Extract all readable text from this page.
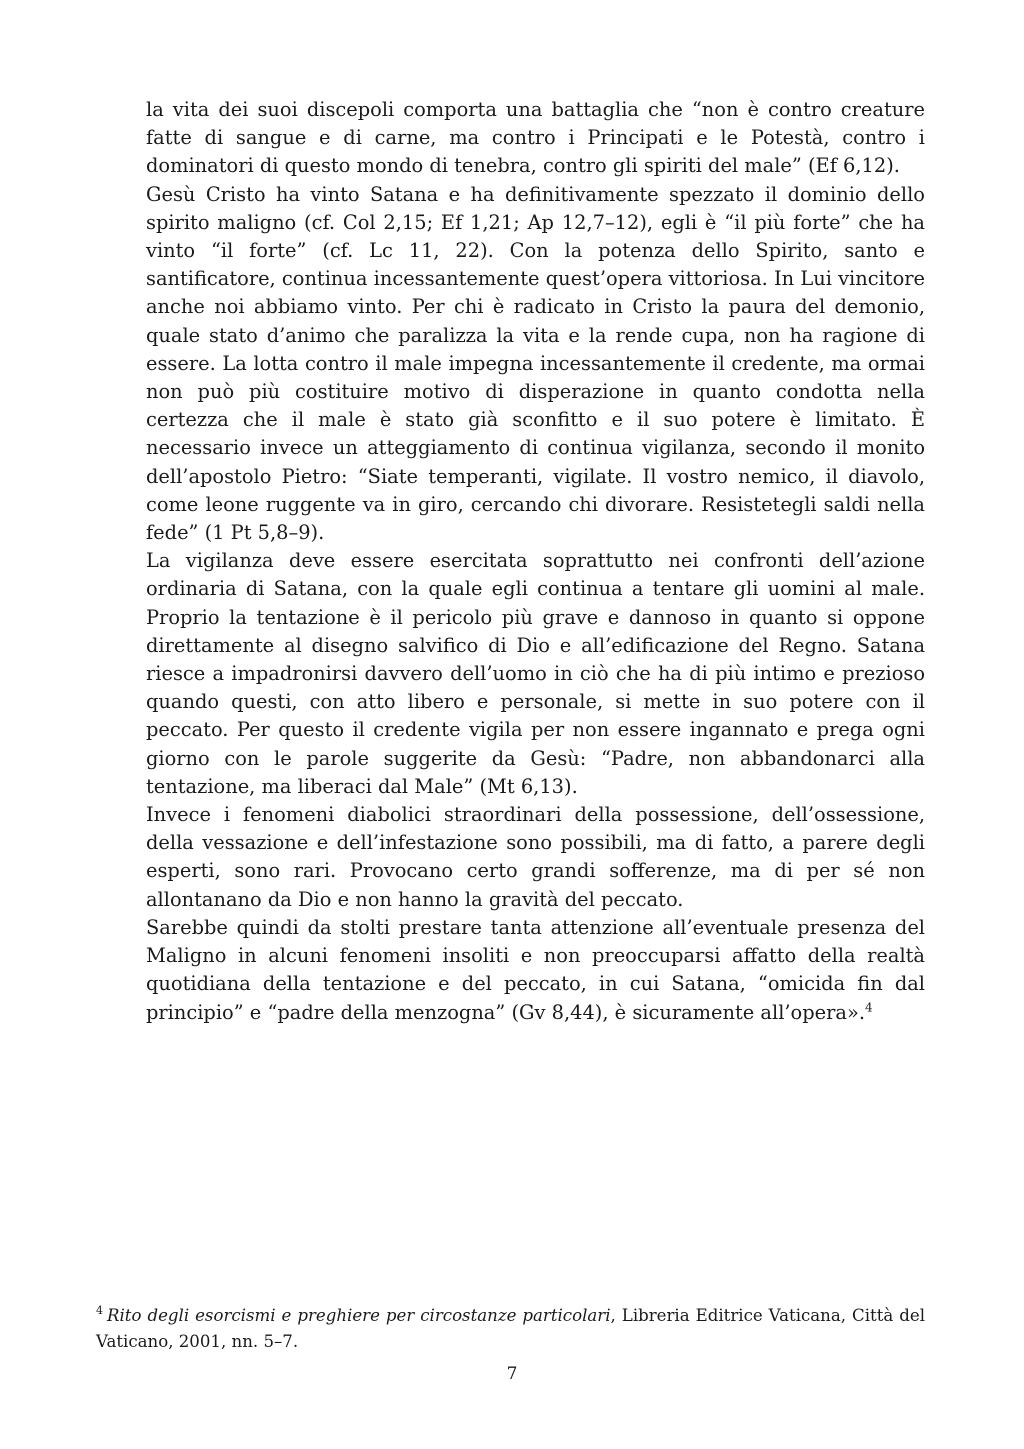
la vita dei suoi discepoli comporta una battaglia che “non è contro creature fatte di sangue e di carne, ma contro i Principati e le Potestà, contro i dominatori di questo mondo di tenebra, contro gli spiriti del male” (Ef 6,12).

Gesù Cristo ha vinto Satana e ha definitivamente spezzato il dominio dello spirito maligno (cf. Col 2,15; Ef 1,21; Ap 12,7–12), egli è “il più forte” che ha vinto “il forte” (cf. Lc 11, 22). Con la potenza dello Spirito, santo e santificatore, continua incessantemente quest’opera vittoriosa. In Lui vincitore anche noi abbiamo vinto. Per chi è radicato in Cristo la paura del demonio, quale stato d’animo che paralizza la vita e la rende cupa, non ha ragione di essere. La lotta contro il male impegna incessantemente il credente, ma ormai non può più costituire motivo di disperazione in quanto condotta nella certezza che il male è stato già sconfitto e il suo potere è limitato. È necessario invece un atteggiamento di continua vigilanza, secondo il monito dell’apostolo Pietro: “Siate temperanti, vigilate. Il vostro nemico, il diavolo, come leone ruggente va in giro, cercando chi divorare. Resistetegli saldi nella fede” (1 Pt 5,8–9).

La vigilanza deve essere esercitata soprattutto nei confronti dell’azione ordinaria di Satana, con la quale egli continua a tentare gli uomini al male. Proprio la tentazione è il pericolo più grave e dannoso in quanto si oppone direttamente al disegno salvifico di Dio e all’edificazione del Regno. Satana riesce a impadronirsi davvero dell’uomo in ciò che ha di più intimo e prezioso quando questi, con atto libero e personale, si mette in suo potere con il peccato. Per questo il credente vigila per non essere ingannato e prega ogni giorno con le parole suggerite da Gesù: “Padre, non abbandonarci alla tentazione, ma liberaci dal Male” (Mt 6,13).

Invece i fenomeni diabolici straordinari della possessione, dell’ossessione, della vessazione e dell’infestazione sono possibili, ma di fatto, a parere degli esperti, sono rari. Provocano certo grandi sofferenze, ma di per sé non allontanano da Dio e non hanno la gravità del peccato.

Sarebbe quindi da stolti prestare tanta attenzione all’eventuale presenza del Maligno in alcuni fenomeni insoliti e non preoccuparsi affatto della realtà quotidiana della tentazione e del peccato, in cui Satana, “omicida fin dal principio” e “padre della menzogna” (Gv 8,44), è sicuramente all’opera».$^4$

$^4$ Rito degli esorcismi e preghiere per circostanze particolari, Libreria Editrice Vaticana, Città del Vaticano, 2001, nn. 5–7.

7
